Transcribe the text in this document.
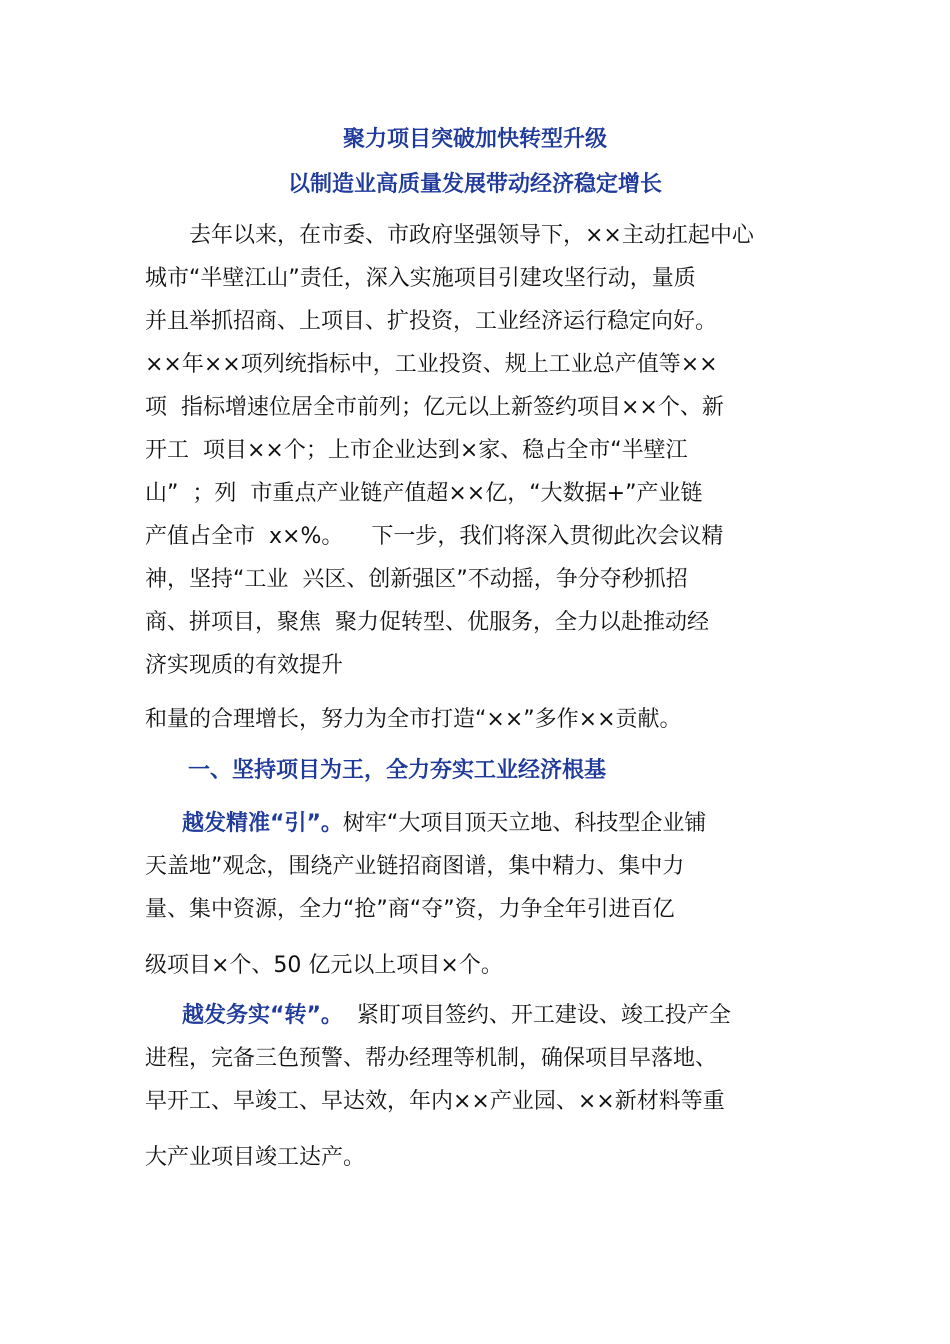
聚力项目突破加快转型升级
以制造业高质量发展带动经济稳定增长
　　去年以来，在市委、市政府坚强领导下，××主动扛起中心
城市“半壁江山”责任，深入实施项目引建攻坚行动，量质
并且举抓招商、上项目、扩投资，工业经济运行稳定向好。
××年××项列统指标中，工业投资、规上工业总产值等××
项  指标增速位居全市前列；亿元以上新签约项目××个、新
开工  项目××个；上市企业达到×家、稳占全市“半壁江
山”  ；列  市重点产业链产值超××亿，“大数据+”产业链
产值占全市  x×%。    下一步，我们将深入贯彻此次会议精
神，坚持“工业  兴区、创新强区”不动摇，争分夺秒抓招
商、拼项目，聚焦  聚力促转型、优服务，全力以赴推动经
济实现质的有效提升
和量的合理增长，努力为全市打造“××”多作××贡献。
一、坚持项目为王，全力夯实工业经济根基
越发精准“引”。树牢“大项目顶天立地、科技型企业铺
天盖地”观念，围绕产业链招商图谱，集中精力、集中力
量、集中资源，全力“抢”商“夺”资，力争全年引进百亿
级项目×个、50 亿元以上项目×个。
越发务实“转”。  紧盯项目签约、开工建设、竣工投产全
进程，完备三色预警、帮办经理等机制，确保项目早落地、
早开工、早竣工、早达效，年内××产业园、××新材料等重
大产业项目竣工达产。
